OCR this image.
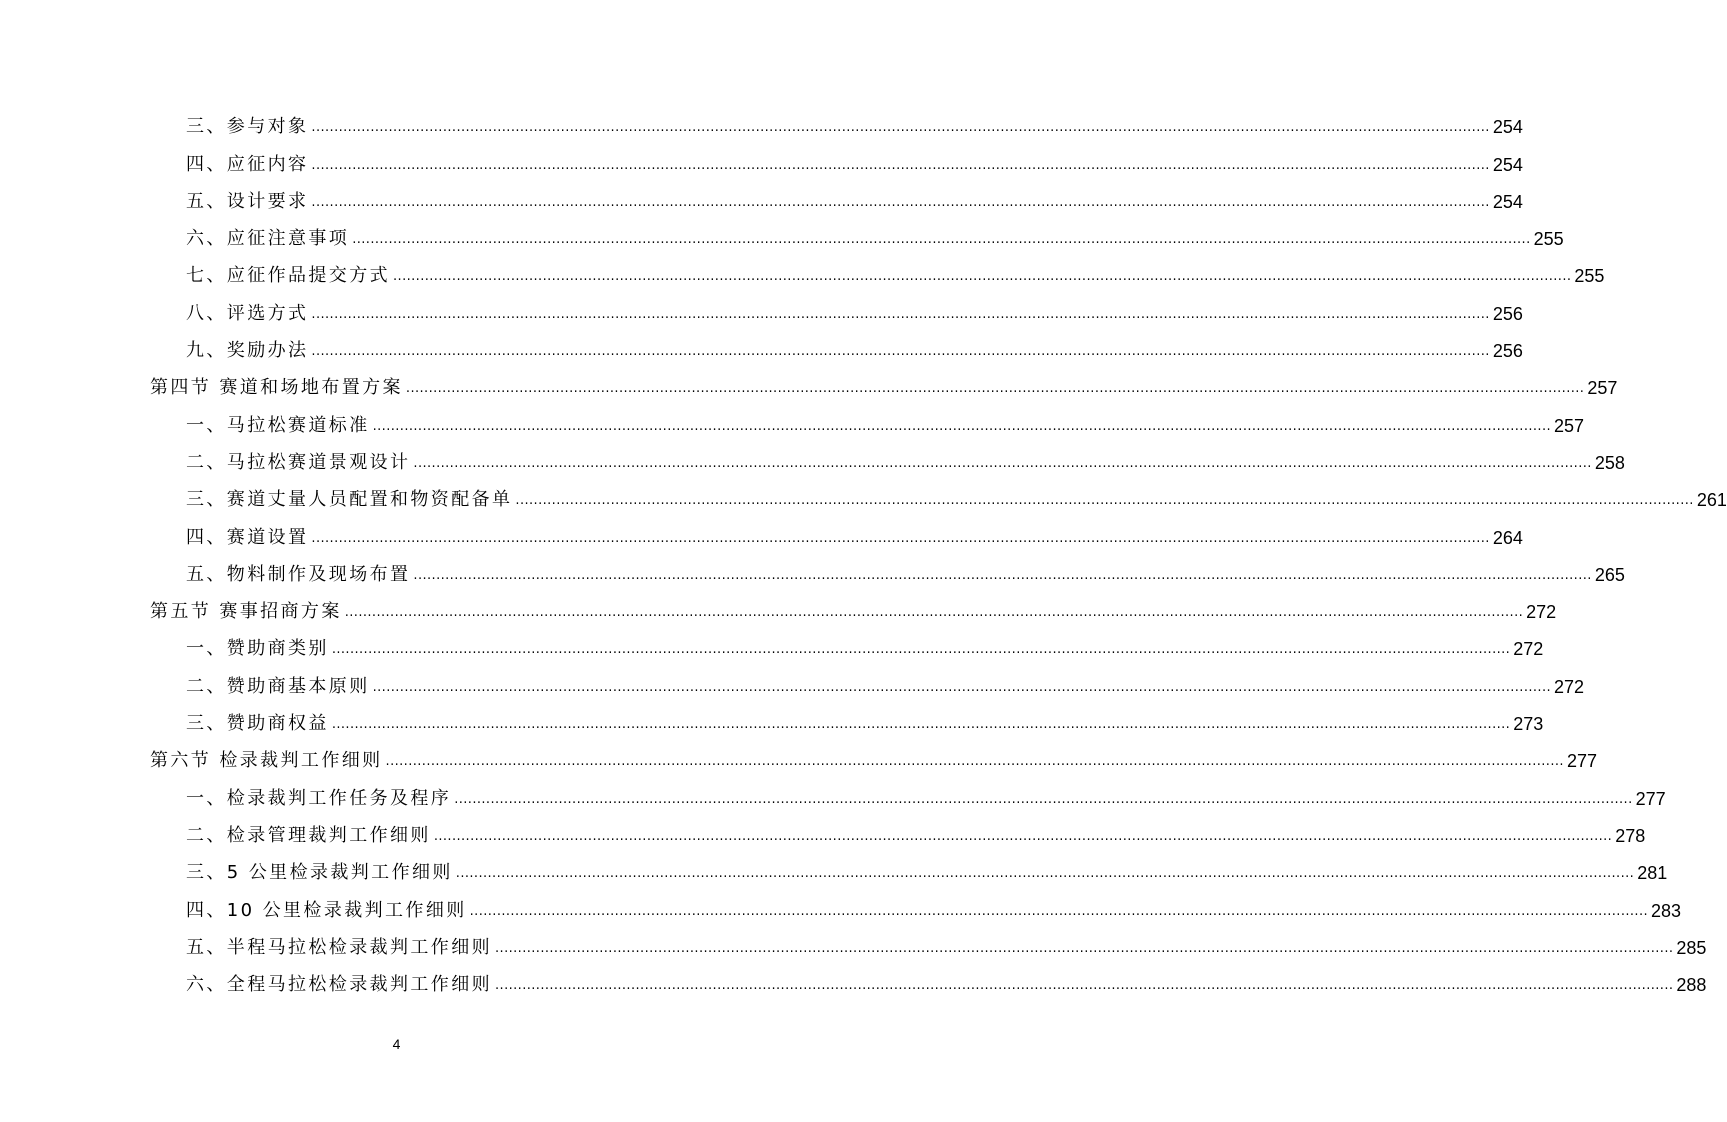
三、参与对象 .................................................................................................................................................................................................................................................................... 254
四、应征内容 .................................................................................................................................................................................................................................................................... 254
五、设计要求 .................................................................................................................................................................................................................................................................... 254
六、应征注意事项 .................................................................................................................................................................................................................................................................... 255
七、应征作品提交方式 .................................................................................................................................................................................................................................................................... 255
八、评选方式 .................................................................................................................................................................................................................................................................... 256
九、奖励办法 .................................................................................................................................................................................................................................................................... 256
第四节 赛道和场地布置方案 .................................................................................................................................................................................................................................................................... 257
一、马拉松赛道标准 .................................................................................................................................................................................................................................................................... 257
二、马拉松赛道景观设计 .................................................................................................................................................................................................................................................................... 258
三、赛道丈量人员配置和物资配备单 .................................................................................................................................................................................................................................................................... 261
四、赛道设置 .................................................................................................................................................................................................................................................................... 264
五、物料制作及现场布置 .................................................................................................................................................................................................................................................................... 265
第五节 赛事招商方案 .................................................................................................................................................................................................................................................................... 272
一、赞助商类别 .................................................................................................................................................................................................................................................................... 272
二、赞助商基本原则 .................................................................................................................................................................................................................................................................... 272
三、赞助商权益 .................................................................................................................................................................................................................................................................... 273
第六节 检录裁判工作细则 .................................................................................................................................................................................................................................................................... 277
一、检录裁判工作任务及程序 .................................................................................................................................................................................................................................................................... 277
二、检录管理裁判工作细则 .................................................................................................................................................................................................................................................................... 278
三、5 公里检录裁判工作细则 .................................................................................................................................................................................................................................................................... 281
四、10 公里检录裁判工作细则 .................................................................................................................................................................................................................................................................... 283
五、半程马拉松检录裁判工作细则 .................................................................................................................................................................................................................................................................... 285
六、全程马拉松检录裁判工作细则 .................................................................................................................................................................................................................................................................... 288
4
